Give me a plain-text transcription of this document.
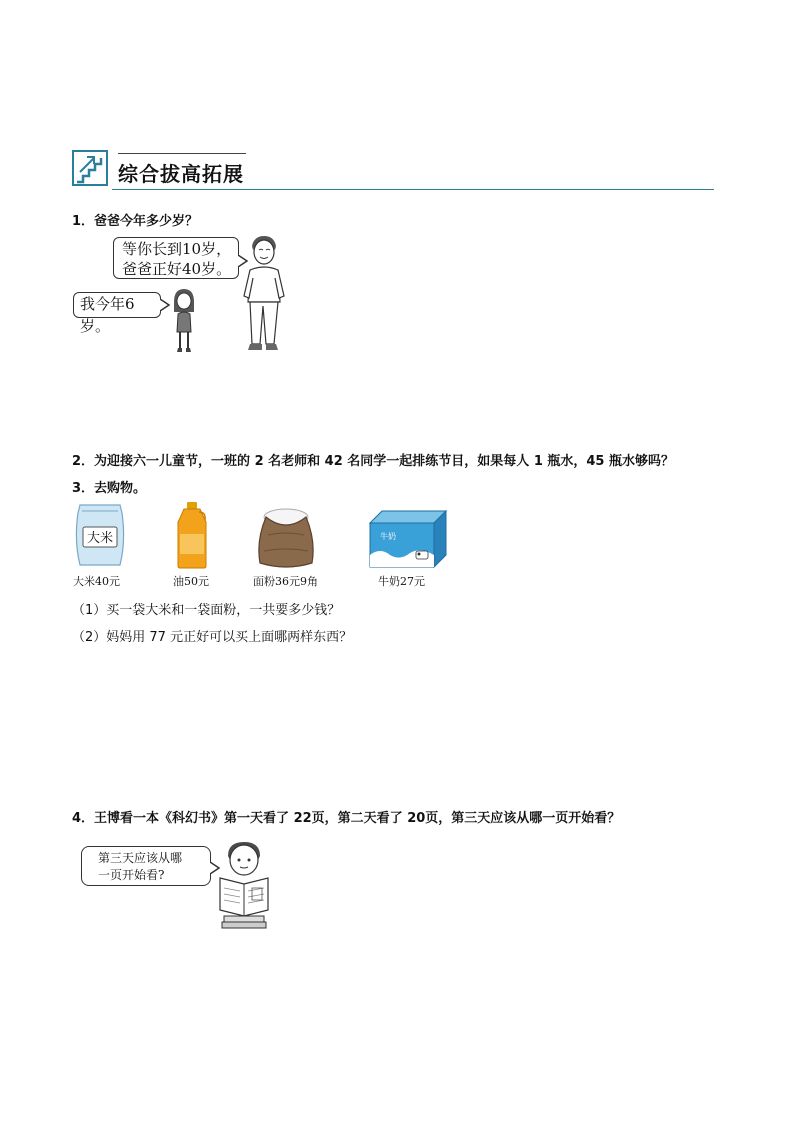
综合拔高拓展
1．爸爸今年多少岁？
等你长到10岁，
爸爸正好40岁。
我今年6岁。
2．为迎接六一儿童节，一班的 2 名老师和 42 名同学一起排练节目，如果每人 1 瓶水，45 瓶水够吗？
3．去购物。
大米
大米40元	油50元	面粉36元9角
牛奶
牛奶27元
（1）买一袋大米和一袋面粉，一共要多少钱？
（2）妈妈用 77 元正好可以买上面哪两样东西？
4．王博看一本《科幻书》第一天看了 22页，第二天看了 20页，第三天应该从哪一页开始看？
第三天应该从哪
一页开始看?
